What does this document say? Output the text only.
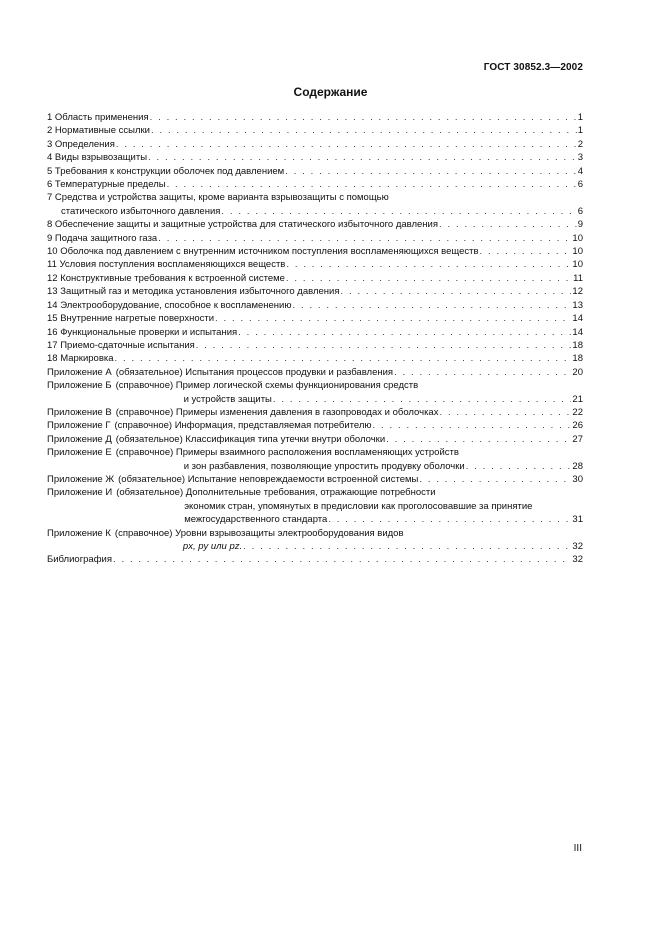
ГОСТ 30852.3—2002
Содержание
1 Область применения . . .	1
2 Нормативные ссылки . . .	1
3 Определения . . .	2
4 Виды взрывозащиты . . .	3
5 Требования к конструкции оболочек под давлением . . .	4
6 Температурные пределы . . .	6
7 Средства и устройства защиты, кроме варианта взрывозащиты с помощью
статического избыточного давления . . .	6
8 Обеспечение защиты и защитные устройства для статического избыточного давления . . .	9
9 Подача защитного газа . . .	10
10 Оболочка под давлением с внутренним источником поступления воспламеняющихся веществ . . .	10
11 Условия поступления воспламеняющихся веществ . . .	10
12 Конструктивные требования к встроенной системе . . .	11
13 Защитный газ и методика установления избыточного давления . . .	12
14 Электрооборудование, способное к воспламенению . . .	13
15 Внутренние нагретые поверхности . . .	14
16 Функциональные проверки и испытания . . .	14
17 Приемо-сдаточные испытания . . .	18
18 Маркировка . . .	18
Приложение А (обязательное) Испытания процессов продувки и разбавления . . .	20
Приложение Б (справочное) Пример логической схемы функционирования средств
и устройств защиты . . .	21
Приложение В (справочное) Примеры изменения давления в газопроводах и оболочках . . .	22
Приложение Г (справочное) Информация, представляемая потребителю . . .	26
Приложение Д (обязательное) Классификация типа утечки внутри оболочки . . .	27
Приложение Е (справочное) Примеры взаимного расположения воспламеняющих устройств
и зон разбавления, позволяющие упростить продувку оболочки . . .	28
Приложение Ж (обязательное) Испытание неповреждаемости встроенной системы . . .	30
Приложение И (обязательное) Дополнительные требования, отражающие потребности
экономик стран, упомянутых в предисловии как проголосовавшие за принятие
межгосударственного стандарта . . .	31
Приложение К (справочное) Уровни взрывозащиты электрооборудования видов
px, py или pz. . . .	32
Библиография . . .	32
III
